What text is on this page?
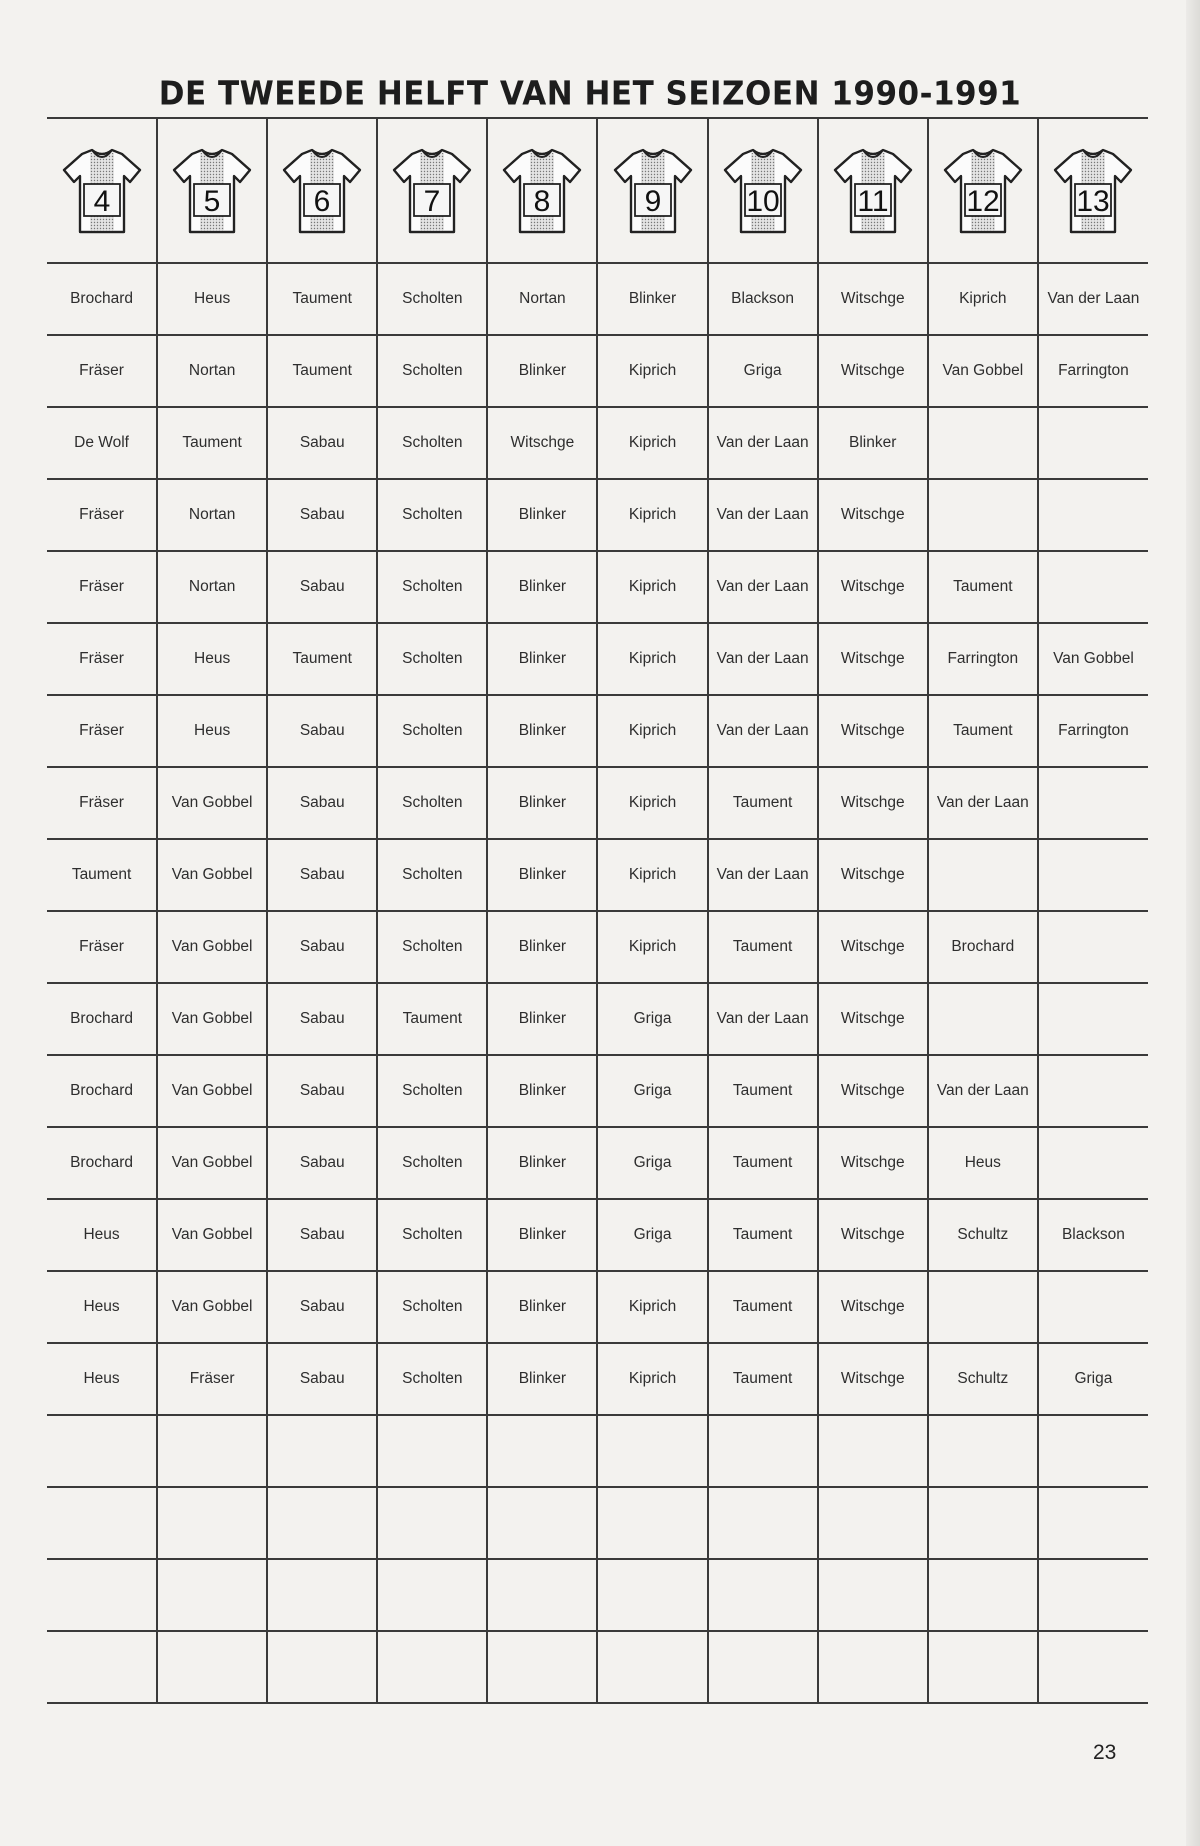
DE TWEEDE HELFT VAN HET SEIZOEN 1990-1991
4	5	6	7	8	9	10	11	12	13

Brochard	Heus	Taument	Scholten	Nortan	Blinker	Blackson	Witschge	Kiprich	Van der Laan
Fräser	Nortan	Taument	Scholten	Blinker	Kiprich	Griga	Witschge	Van Gobbel	Farrington
De Wolf	Taument	Sabau	Scholten	Witschge	Kiprich	Van der Laan	Blinker		
Fräser	Nortan	Sabau	Scholten	Blinker	Kiprich	Van der Laan	Witschge		
Fräser	Nortan	Sabau	Scholten	Blinker	Kiprich	Van der Laan	Witschge	Taument	
Fräser	Heus	Taument	Scholten	Blinker	Kiprich	Van der Laan	Witschge	Farrington	Van Gobbel
Fräser	Heus	Sabau	Scholten	Blinker	Kiprich	Van der Laan	Witschge	Taument	Farrington
Fräser	Van Gobbel	Sabau	Scholten	Blinker	Kiprich	Taument	Witschge	Van der Laan	
Taument	Van Gobbel	Sabau	Scholten	Blinker	Kiprich	Van der Laan	Witschge		
Fräser	Van Gobbel	Sabau	Scholten	Blinker	Kiprich	Taument	Witschge	Brochard	
Brochard	Van Gobbel	Sabau	Taument	Blinker	Griga	Van der Laan	Witschge		
Brochard	Van Gobbel	Sabau	Scholten	Blinker	Griga	Taument	Witschge	Van der Laan	
Brochard	Van Gobbel	Sabau	Scholten	Blinker	Griga	Taument	Witschge	Heus	
Heus	Van Gobbel	Sabau	Scholten	Blinker	Griga	Taument	Witschge	Schultz	Blackson
Heus	Van Gobbel	Sabau	Scholten	Blinker	Kiprich	Taument	Witschge		
Heus	Fräser	Sabau	Scholten	Blinker	Kiprich	Taument	Witschge	Schultz	Griga

23
